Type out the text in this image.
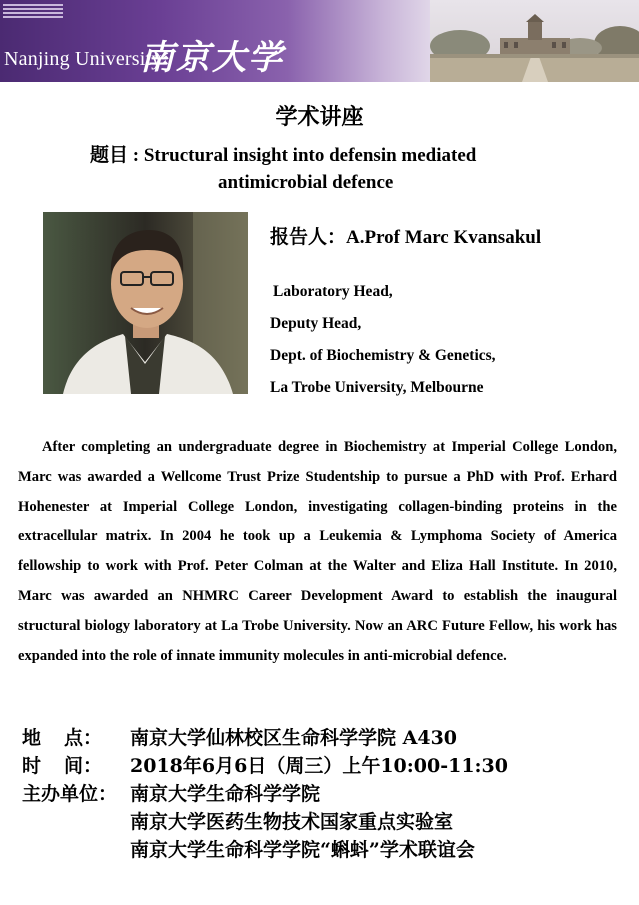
Nanjing University
南京大学
学术讲座
题目 : Structural insight into defensin mediated
antimicrobial defence
报告人：A.Prof Marc Kvansakul
Laboratory Head,
Deputy Head,
Dept. of Biochemistry & Genetics,
La Trobe University, Melbourne

After completing an undergraduate degree in Biochemistry at Imperial College London, Marc was awarded a Wellcome Trust Prize Studentship to pursue a PhD with Prof. Erhard Hohenester at Imperial College London, investigating collagen-binding proteins in the extracellular matrix. In 2004 he took up a Leukemia & Lymphoma Society of America fellowship to work with Prof. Peter Colman at the Walter and Eliza Hall Institute. In 2010, Marc was awarded an NHMRC Career Development Award to establish the inaugural structural biology laboratory at La Trobe University. Now an ARC Future Fellow, his work has expanded into the role of innate immunity molecules in anti-microbial defence.

地 点： 南京大学仙林校区生命科学学院 A430
时 间： 2018年6月6日（周三）上午10:00-11:30
主办单位： 南京大学生命科学学院
南京大学医药生物技术国家重点实验室
南京大学生命科学学院“蝌蚪”学术联谊会
